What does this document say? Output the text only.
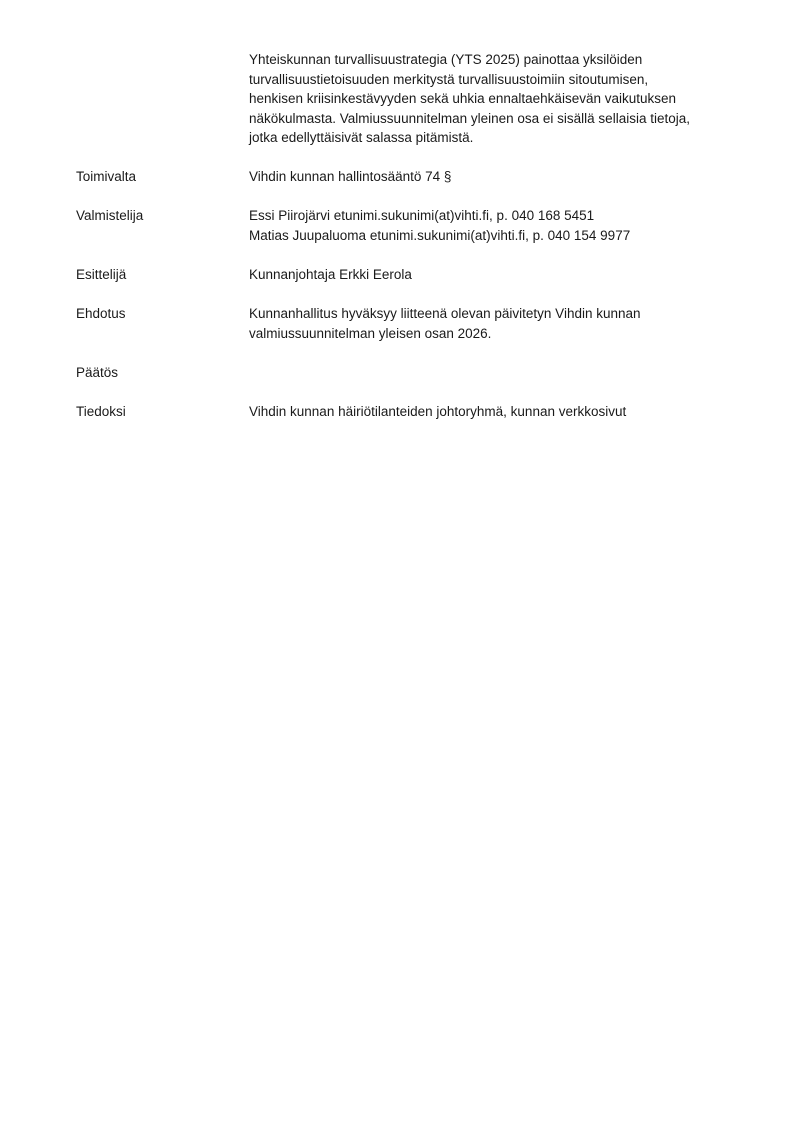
Yhteiskunnan turvallisuustrategia (YTS 2025) painottaa yksilöiden

turvallisuustietoisuuden merkitystä turvallisuustoimiin sitoutumisen,

henkisen kriisinkestävyyden sekä uhkia ennaltaehkäisevän vaikutuksen

näkökulmasta. Valmiussuunnitelman yleinen osa ei sisällä sellaisia tietoja,

jotka edellyttäisivät salassa pitämistä.

Toimivalta	Vihdin kunnan hallintosääntö 74 §
Valmistelija	Essi Piirojärvi etunimi.sukunimi(at)vihti.fi, p. 040 168 5451
Matias Juupaluoma etunimi.sukunimi(at)vihti.fi, p. 040 154 9977
Esittelijä	Kunnanjohtaja Erkki Eerola
Ehdotus	Kunnanhallitus hyväksyy liitteenä olevan päivitetyn Vihdin kunnan
valmiussuunnitelman yleisen osan 2026.
Päätös
Tiedoksi	Vihdin kunnan häiriötilanteiden johtoryhmä, kunnan verkkosivut
